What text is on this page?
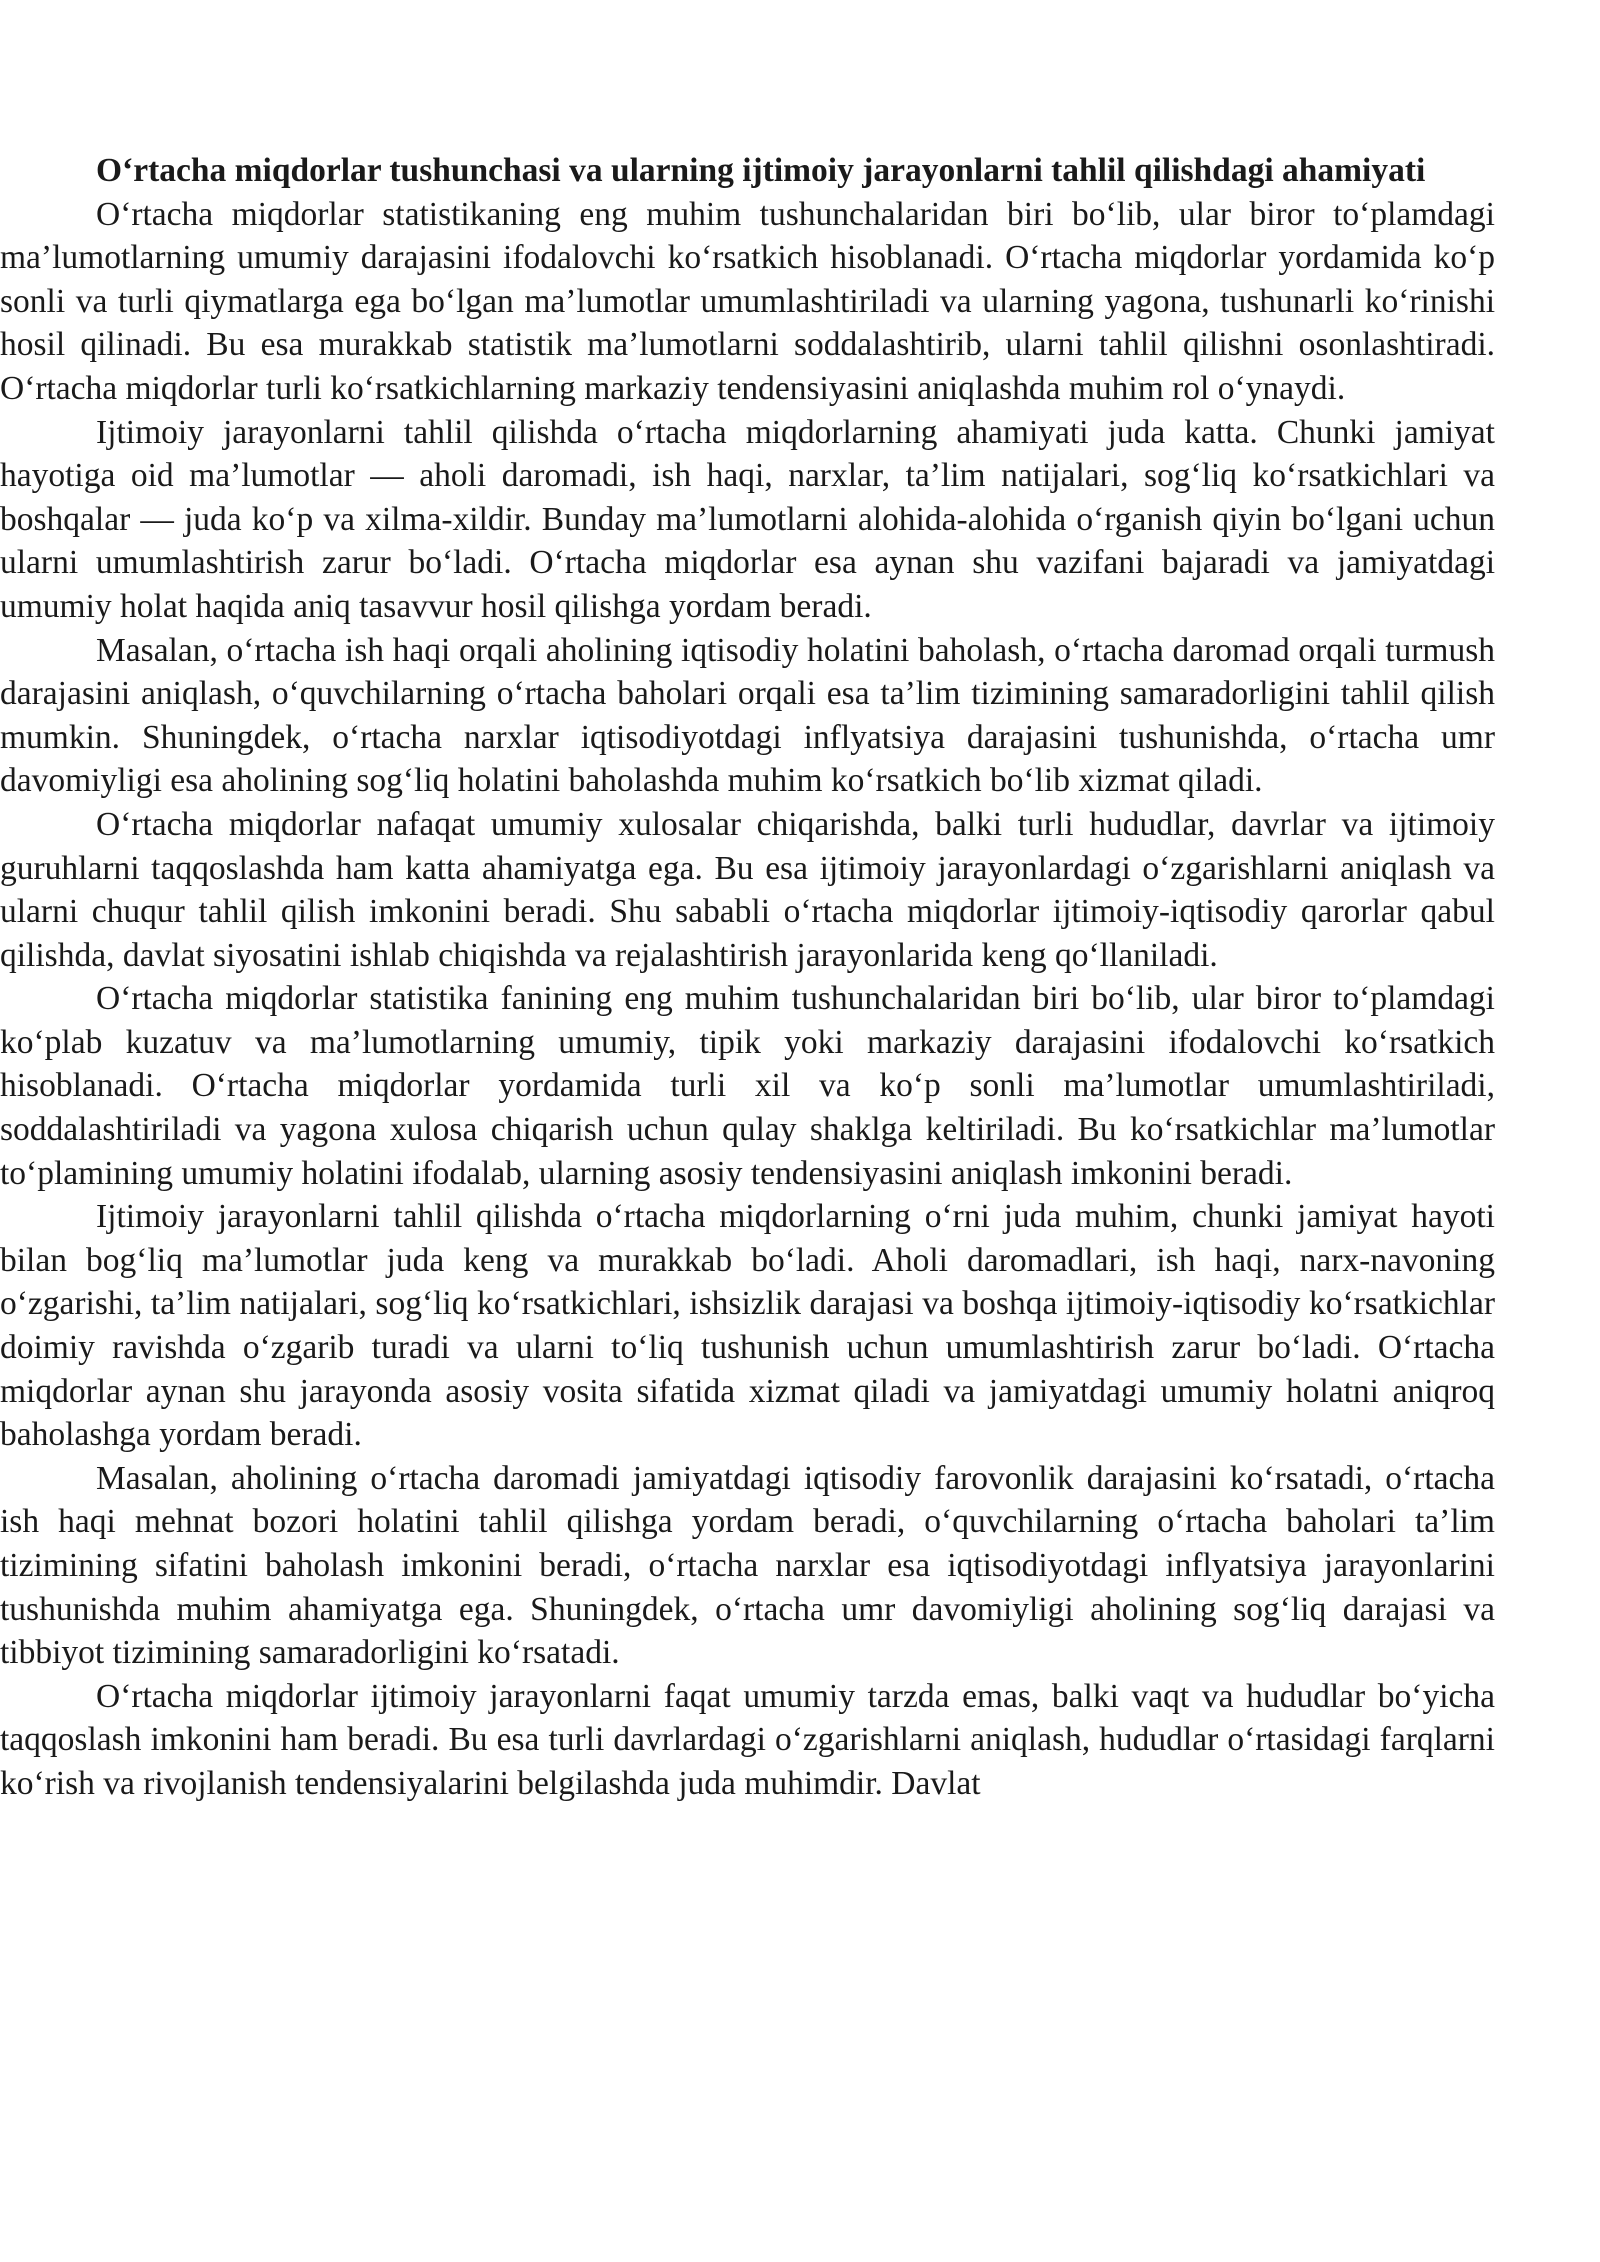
O‘rtacha miqdorlar tushunchasi va ularning ijtimoiy jarayonlarni tahlil qilishdagi ahamiyati

O‘rtacha miqdorlar statistikaning eng muhim tushunchalaridan biri bo‘lib, ular biror to‘plamdagi ma’lumotlarning umumiy darajasini ifodalovchi ko‘rsatkich hisoblanadi. O‘rtacha miqdorlar yordamida ko‘p sonli va turli qiymatlarga ega bo‘lgan ma’lumotlar umumlashtiriladi va ularning yagona, tushunarli ko‘rinishi hosil qilinadi. Bu esa murakkab statistik ma’lumotlarni soddalashtirib, ularni tahlil qilishni osonlashtiradi. O‘rtacha miqdorlar turli ko‘rsatkichlarning markaziy tendensiyasini aniqlashda muhim rol o‘ynaydi.

Ijtimoiy jarayonlarni tahlil qilishda o‘rtacha miqdorlarning ahamiyati juda katta. Chunki jamiyat hayotiga oid ma’lumotlar — aholi daromadi, ish haqi, narxlar, ta’lim natijalari, sog‘liq ko‘rsatkichlari va boshqalar — juda ko‘p va xilma-xildir. Bunday ma’lumotlarni alohida-alohida o‘rganish qiyin bo‘lgani uchun ularni umumlashtirish zarur bo‘ladi. O‘rtacha miqdorlar esa aynan shu vazifani bajaradi va jamiyatdagi umumiy holat haqida aniq tasavvur hosil qilishga yordam beradi.

Masalan, o‘rtacha ish haqi orqali aholining iqtisodiy holatini baholash, o‘rtacha daromad orqali turmush darajasini aniqlash, o‘quvchilarning o‘rtacha baholari orqali esa ta’lim tizimining samaradorligini tahlil qilish mumkin. Shuningdek, o‘rtacha narxlar iqtisodiyotdagi inflyatsiya darajasini tushunishda, o‘rtacha umr davomiyligi esa aholining sog‘liq holatini baholashda muhim ko‘rsatkich bo‘lib xizmat qiladi.

O‘rtacha miqdorlar nafaqat umumiy xulosalar chiqarishda, balki turli hududlar, davrlar va ijtimoiy guruhlarni taqqoslashda ham katta ahamiyatga ega. Bu esa ijtimoiy jarayonlardagi o‘zgarishlarni aniqlash va ularni chuqur tahlil qilish imkonini beradi. Shu sababli o‘rtacha miqdorlar ijtimoiy-iqtisodiy qarorlar qabul qilishda, davlat siyosatini ishlab chiqishda va rejalashtirish jarayonlarida keng qo‘llaniladi.

O‘rtacha miqdorlar statistika fanining eng muhim tushunchalaridan biri bo‘lib, ular biror to‘plamdagi ko‘plab kuzatuv va ma’lumotlarning umumiy, tipik yoki markaziy darajasini ifodalovchi ko‘rsatkich hisoblanadi. O‘rtacha miqdorlar yordamida turli xil va ko‘p sonli ma’lumotlar umumlashtiriladi, soddalashtiriladi va yagona xulosa chiqarish uchun qulay shaklga keltiriladi. Bu ko‘rsatkichlar ma’lumotlar to‘plamining umumiy holatini ifodalab, ularning asosiy tendensiyasini aniqlash imkonini beradi.

Ijtimoiy jarayonlarni tahlil qilishda o‘rtacha miqdorlarning o‘rni juda muhim, chunki jamiyat hayoti bilan bog‘liq ma’lumotlar juda keng va murakkab bo‘ladi. Aholi daromadlari, ish haqi, narx-navoning o‘zgarishi, ta’lim natijalari, sog‘liq ko‘rsatkichlari, ishsizlik darajasi va boshqa ijtimoiy-iqtisodiy ko‘rsatkichlar doimiy ravishda o‘zgarib turadi va ularni to‘liq tushunish uchun umumlashtirish zarur bo‘ladi. O‘rtacha miqdorlar aynan shu jarayonda asosiy vosita sifatida xizmat qiladi va jamiyatdagi umumiy holatni aniqroq baholashga yordam beradi.

Masalan, aholining o‘rtacha daromadi jamiyatdagi iqtisodiy farovonlik darajasini ko‘rsatadi, o‘rtacha ish haqi mehnat bozori holatini tahlil qilishga yordam beradi, o‘quvchilarning o‘rtacha baholari ta’lim tizimining sifatini baholash imkonini beradi, o‘rtacha narxlar esa iqtisodiyotdagi inflyatsiya jarayonlarini tushunishda muhim ahamiyatga ega. Shuningdek, o‘rtacha umr davomiyligi aholining sog‘liq darajasi va tibbiyot tizimining samaradorligini ko‘rsatadi.

O‘rtacha miqdorlar ijtimoiy jarayonlarni faqat umumiy tarzda emas, balki vaqt va hududlar bo‘yicha taqqoslash imkonini ham beradi. Bu esa turli davrlardagi o‘zgarishlarni aniqlash, hududlar o‘rtasidagi farqlarni ko‘rish va rivojlanish tendensiyalarini belgilashda juda muhimdir. Davlat
